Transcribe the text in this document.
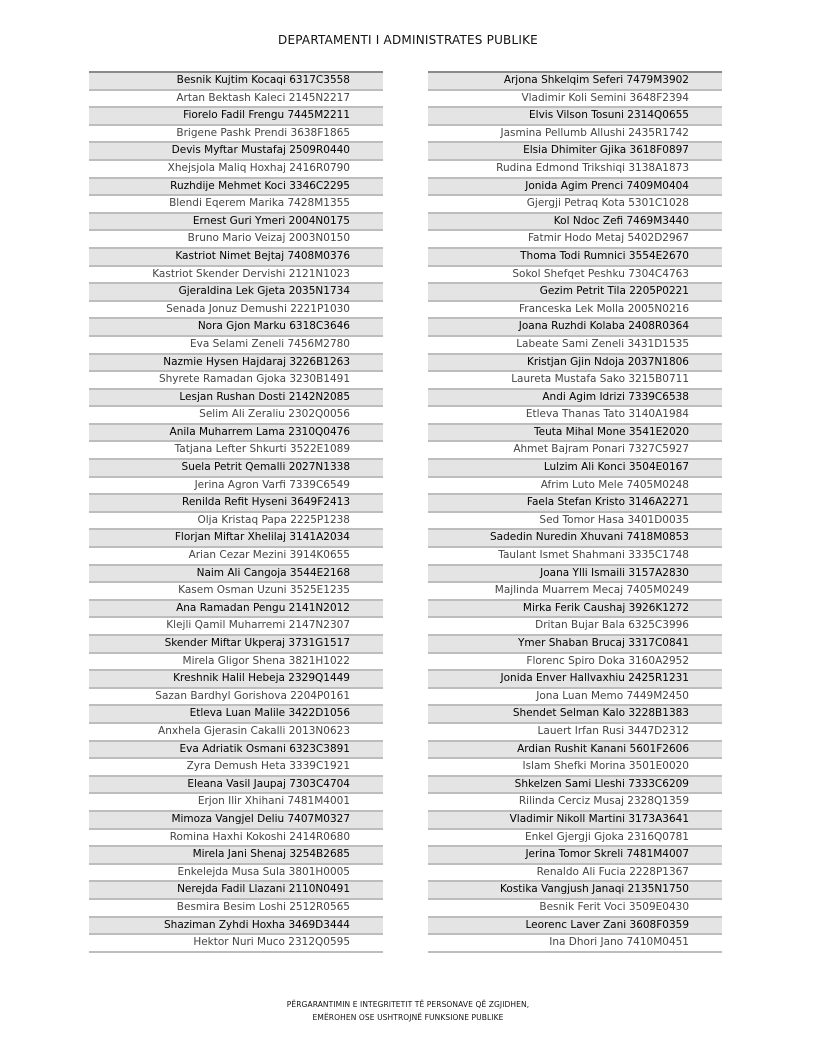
DEPARTAMENTI I ADMINISTRATES PUBLIKE
Besnik Kujtim Kocaqi 6317C3558
Artan Bektash Kaleci 2145N2217
Fiorelo Fadil Frengu 7445M2211
Brigene Pashk Prendi 3638F1865
Devis Myftar Mustafaj 2509R0440
Xhejsjola Maliq Hoxhaj 2416R0790
Ruzhdije Mehmet Koci 3346C2295
Blendi Eqerem Marika 7428M1355
Ernest Guri Ymeri 2004N0175
Bruno Mario Veizaj 2003N0150
Kastriot Nimet Bejtaj 7408M0376
Kastriot Skender Dervishi 2121N1023
Gjeraldina Lek Gjeta 2035N1734
Senada Jonuz Demushi 2221P1030
Nora Gjon Marku 6318C3646
Eva Selami Zeneli 7456M2780
Nazmie Hysen Hajdaraj 3226B1263
Shyrete Ramadan Gjoka 3230B1491
Lesjan Rushan Dosti 2142N2085
Selim Ali Zeraliu 2302Q0056
Anila Muharrem Lama 2310Q0476
Tatjana Lefter Shkurti 3522E1089
Suela Petrit Qemalli 2027N1338
Jerina Agron Varfi 7339C6549
Renilda Refit Hyseni 3649F2413
Olja Kristaq Papa 2225P1238
Florjan Miftar Xhelilaj 3141A2034
Arian Cezar Mezini 3914K0655
Naim Ali Cangoja 3544E2168
Kasem Osman Uzuni 3525E1235
Ana Ramadan Pengu 2141N2012
Klejli Qamil Muharremi 2147N2307
Skender Miftar Ukperaj 3731G1517
Mirela Gligor Shena 3821H1022
Kreshnik Halil Hebeja 2329Q1449
Sazan Bardhyl Gorishova 2204P0161
Etleva Luan Malile 3422D1056
Anxhela Gjerasin Cakalli 2013N0623
Eva Adriatik Osmani 6323C3891
Zyra Demush Heta 3339C1921
Eleana Vasil Jaupaj 7303C4704
Erjon Ilir Xhihani 7481M4001
Mimoza Vangjel Deliu 7407M0327
Romina Haxhi Kokoshi 2414R0680
Mirela Jani Shenaj 3254B2685
Enkelejda Musa Sula 3801H0005
Nerejda Fadil Llazani 2110N0491
Besmira Besim Loshi 2512R0565
Shaziman Zyhdi Hoxha 3469D3444
Hektor Nuri Muco 2312Q0595
Arjona Shkelqim Seferi 7479M3902
Vladimir Koli Semini 3648F2394
Elvis Vilson Tosuni 2314Q0655
Jasmina Pellumb Allushi 2435R1742
Elsia Dhimiter Gjika 3618F0897
Rudina Edmond Trikshiqi 3138A1873
Jonida Agim Prenci 7409M0404
Gjergji Petraq Kota 5301C1028
Kol Ndoc Zefi 7469M3440
Fatmir Hodo Metaj 5402D2967
Thoma Todi Rumnici 3554E2670
Sokol Shefqet Peshku 7304C4763
Gezim Petrit Tila 2205P0221
Franceska Lek Molla 2005N0216
Joana Ruzhdi Kolaba 2408R0364
Labeate Sami Zeneli 3431D1535
Kristjan Gjin Ndoja 2037N1806
Laureta Mustafa Sako 3215B0711
Andi Agim Idrizi 7339C6538
Etleva Thanas Tato 3140A1984
Teuta Mihal Mone 3541E2020
Ahmet Bajram Ponari 7327C5927
Lulzim Ali Konci 3504E0167
Afrim Luto Mele 7405M0248
Faela Stefan Kristo 3146A2271
Sed Tomor Hasa 3401D0035
Sadedin Nuredin Xhuvani 7418M0853
Taulant Ismet Shahmani 3335C1748
Joana Ylli Ismaili 3157A2830
Majlinda Muarrem Mecaj 7405M0249
Mirka Ferik Caushaj 3926K1272
Dritan Bujar Bala 6325C3996
Ymer Shaban Brucaj 3317C0841
Florenc Spiro Doka 3160A2952
Jonida Enver Hallvaxhiu 2425R1231
Jona Luan Memo 7449M2450
Shendet Selman Kalo 3228B1383
Lauert Irfan Rusi 3447D2312
Ardian Rushit Kanani 5601F2606
Islam Shefki Morina 3501E0020
Shkelzen Sami Lleshi 7333C6209
Rilinda Cerciz Musaj 2328Q1359
Vladimir Nikoll Martini 3173A3641
Enkel Gjergji Gjoka 2316Q0781
Jerina Tomor Skreli 7481M4007
Renaldo Ali Fucia 2228P1367
Kostika Vangjush Janaqi 2135N1750
Besnik Ferit Voci 3509E0430
Leorenc Laver Zani 3608F0359
Ina Dhori Jano 7410M0451
PËRGARANTIMIN E INTEGRITETIT TË PERSONAVE QË ZGJIDHEN,
EMËROHEN OSE USHTROJNË FUNKSIONE PUBLIKE
